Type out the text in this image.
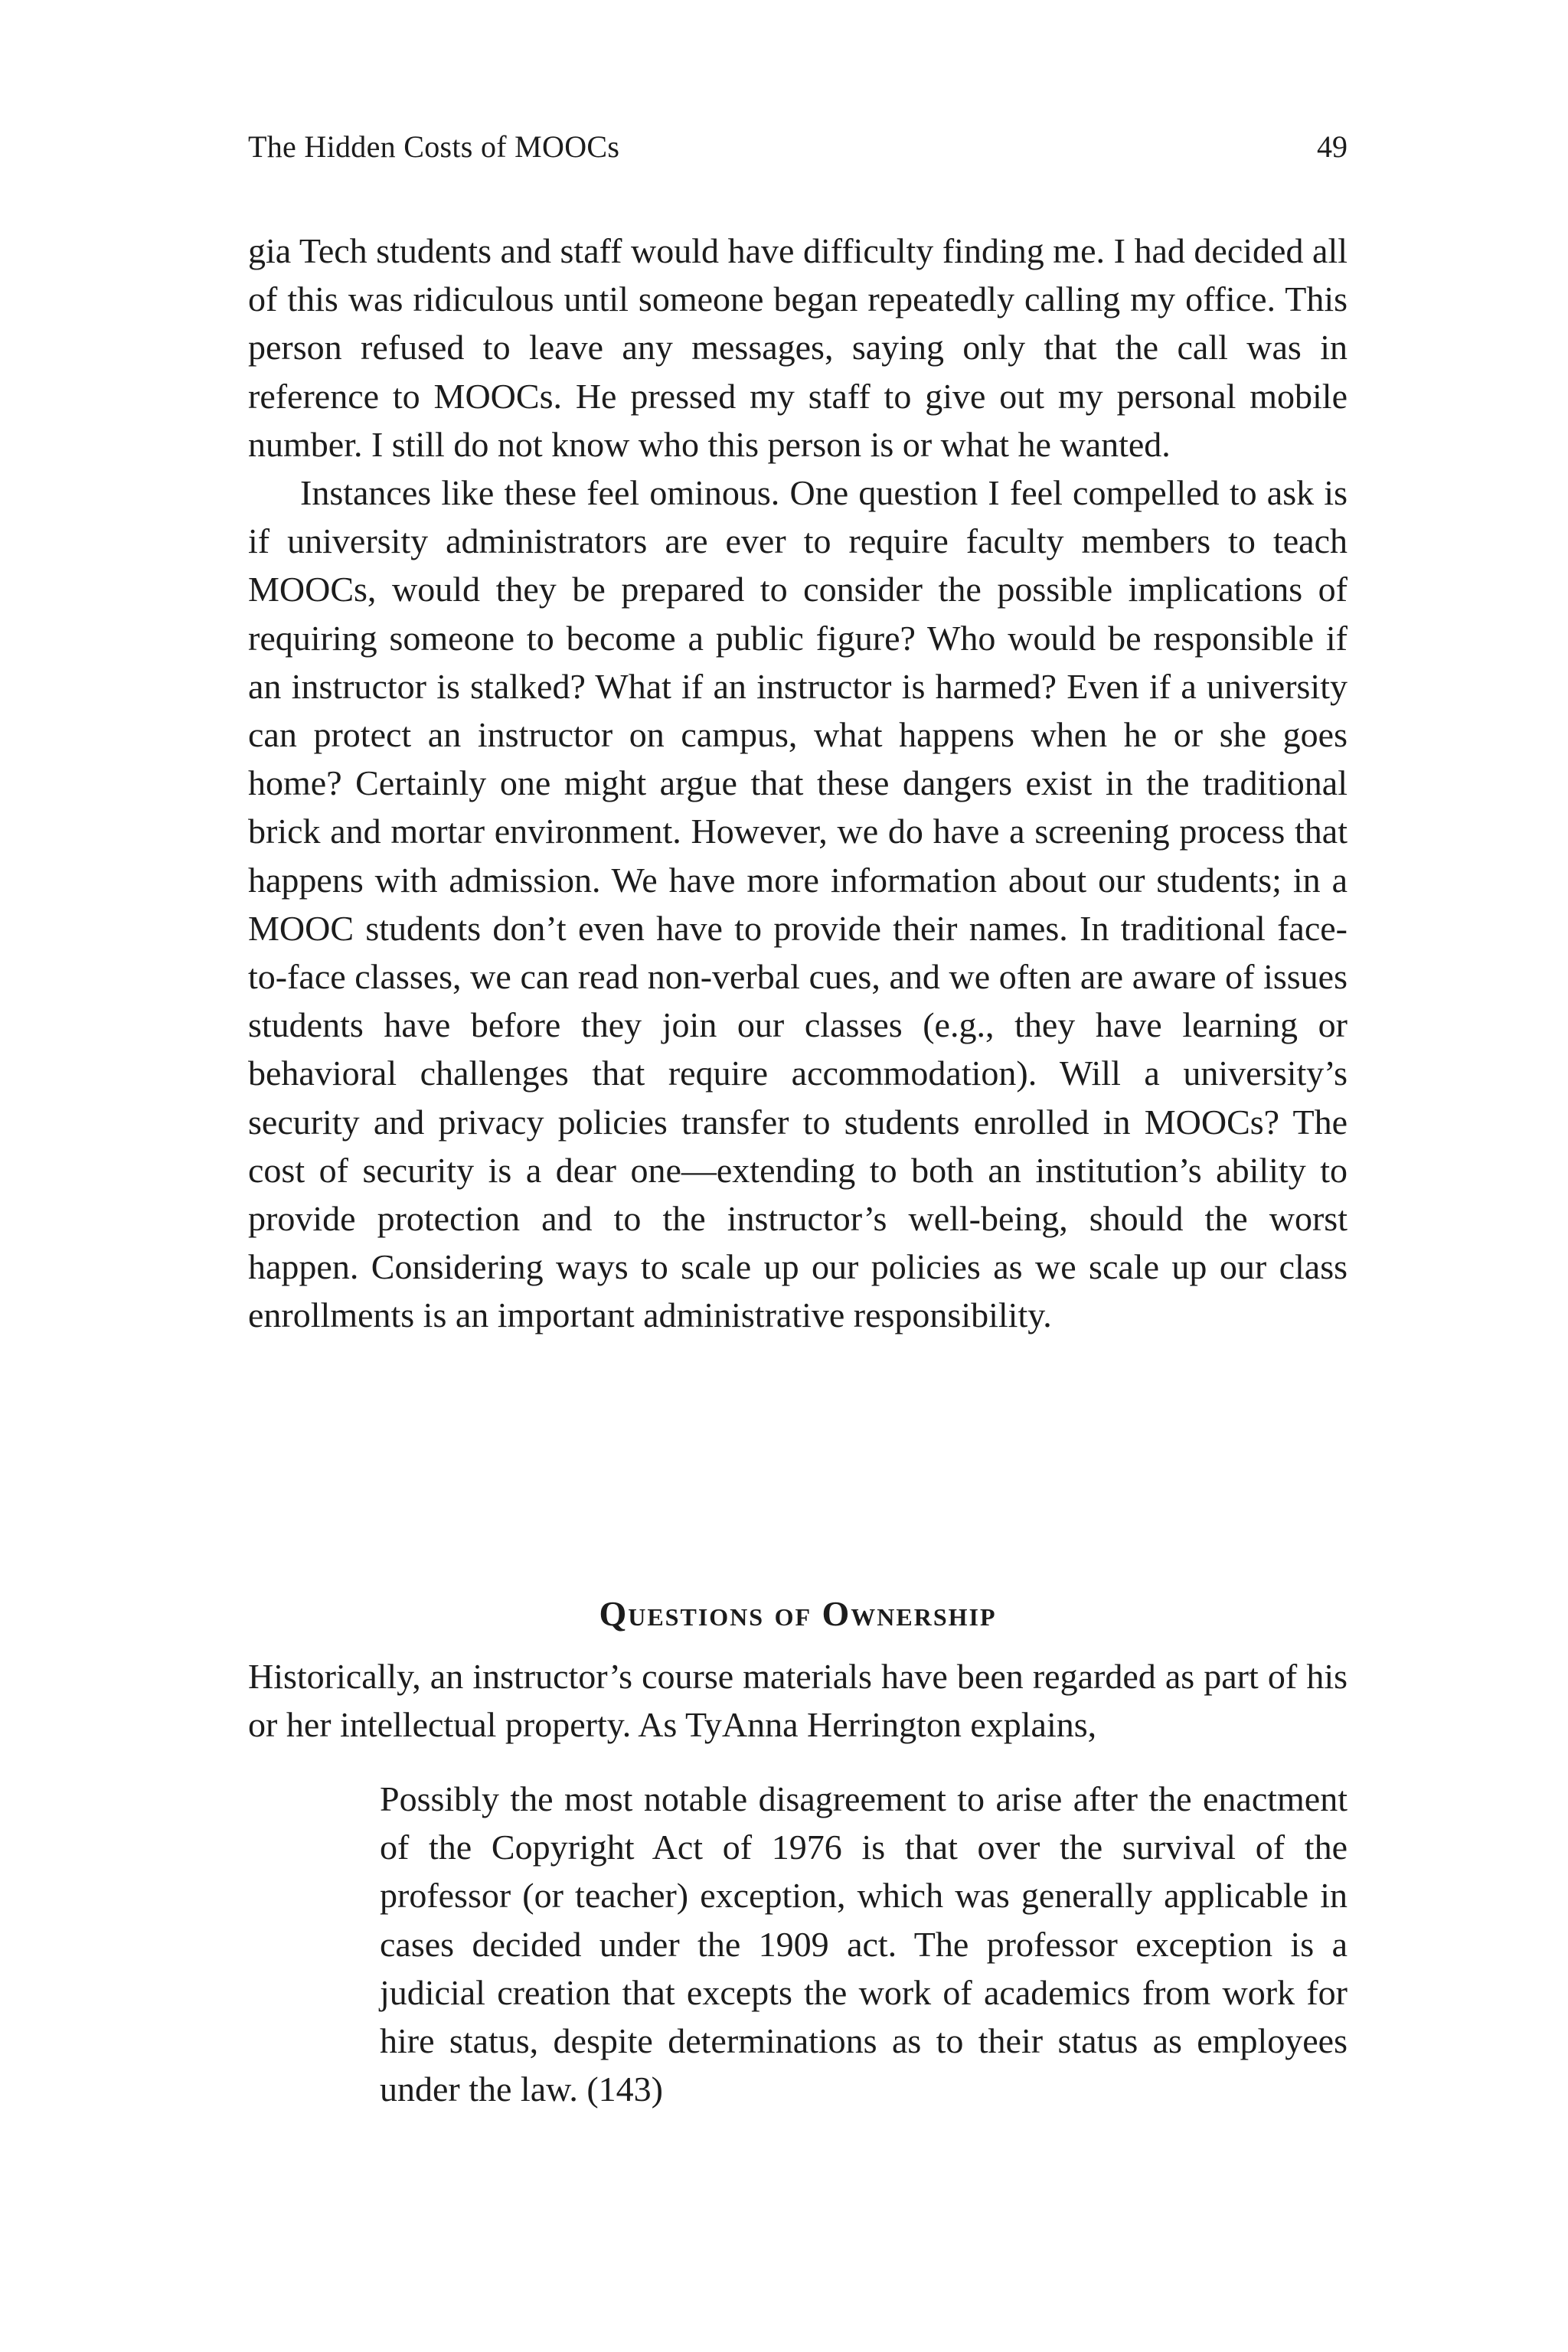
The Hidden Costs of MOOCs	49

gia Tech students and staff would have difficulty finding me. I had decided all of this was ridiculous until someone began repeatedly calling my office. This person refused to leave any messages, saying only that the call was in reference to MOOCs. He pressed my staff to give out my personal mobile number. I still do not know who this person is or what he wanted.

Instances like these feel ominous. One question I feel compelled to ask is if university administrators are ever to require faculty members to teach MOOCs, would they be prepared to consider the possible implications of requiring someone to become a public figure? Who would be responsible if an instructor is stalked? What if an instructor is harmed? Even if a university can protect an instructor on campus, what happens when he or she goes home? Certainly one might argue that these dangers exist in the traditional brick and mortar environment. However, we do have a screening process that happens with admission. We have more information about our students; in a MOOC students don’t even have to provide their names. In traditional face-to-face classes, we can read non-verbal cues, and we often are aware of issues students have before they join our classes (e.g., they have learning or behavioral challenges that require accommodation). Will a university’s security and privacy policies transfer to students enrolled in MOOCs? The cost of security is a dear one—extending to both an institution’s ability to provide protection and to the instructor’s well-being, should the worst happen. Considering ways to scale up our policies as we scale up our class enrollments is an important administrative responsibility.

Questions of Ownership

Historically, an instructor’s course materials have been regarded as part of his or her intellectual property. As TyAnna Herrington explains,

Possibly the most notable disagreement to arise after the enactment of the Copyright Act of 1976 is that over the survival of the professor (or teacher) exception, which was generally applicable in cases decided under the 1909 act. The professor exception is a judicial creation that excepts the work of academics from work for hire status, despite determinations as to their status as employees under the law. (143)
